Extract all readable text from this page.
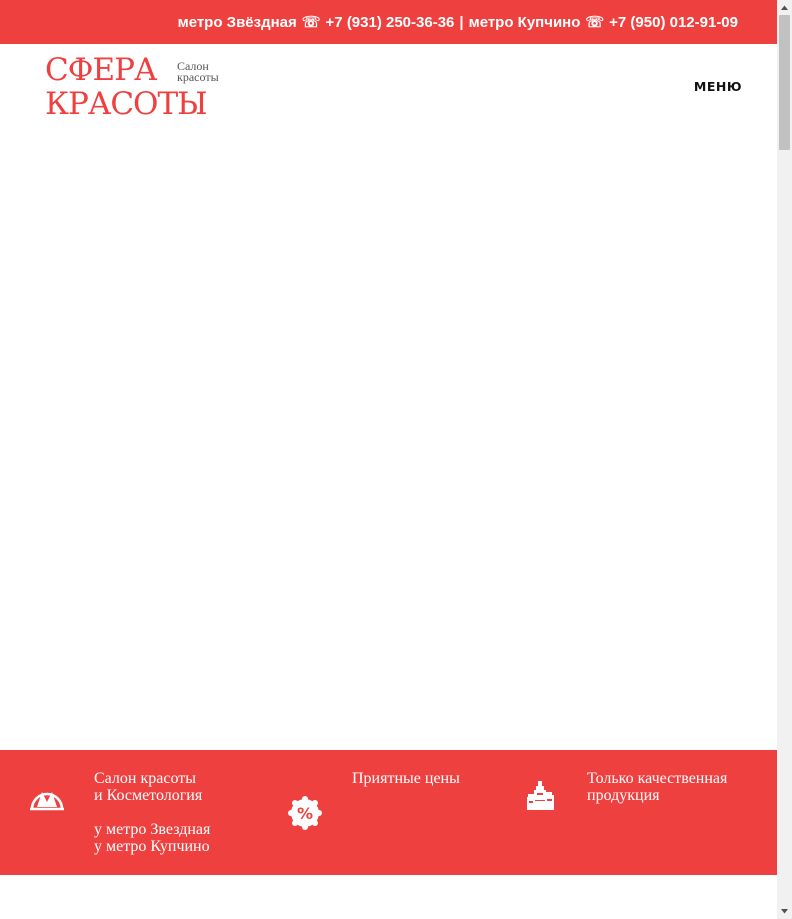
метро Звёздная ☏ +7 (931) 250-36-36 | метро Купчино ☏ +7 (950) 012-91-09
СФЕРА Салон
красоты
КРАСОТЫ	МЕНЮ
Салон красоты
и Косметология
у метро Звездная
у метро Купчино
%
Приятные цены	Только качественная
продукция
